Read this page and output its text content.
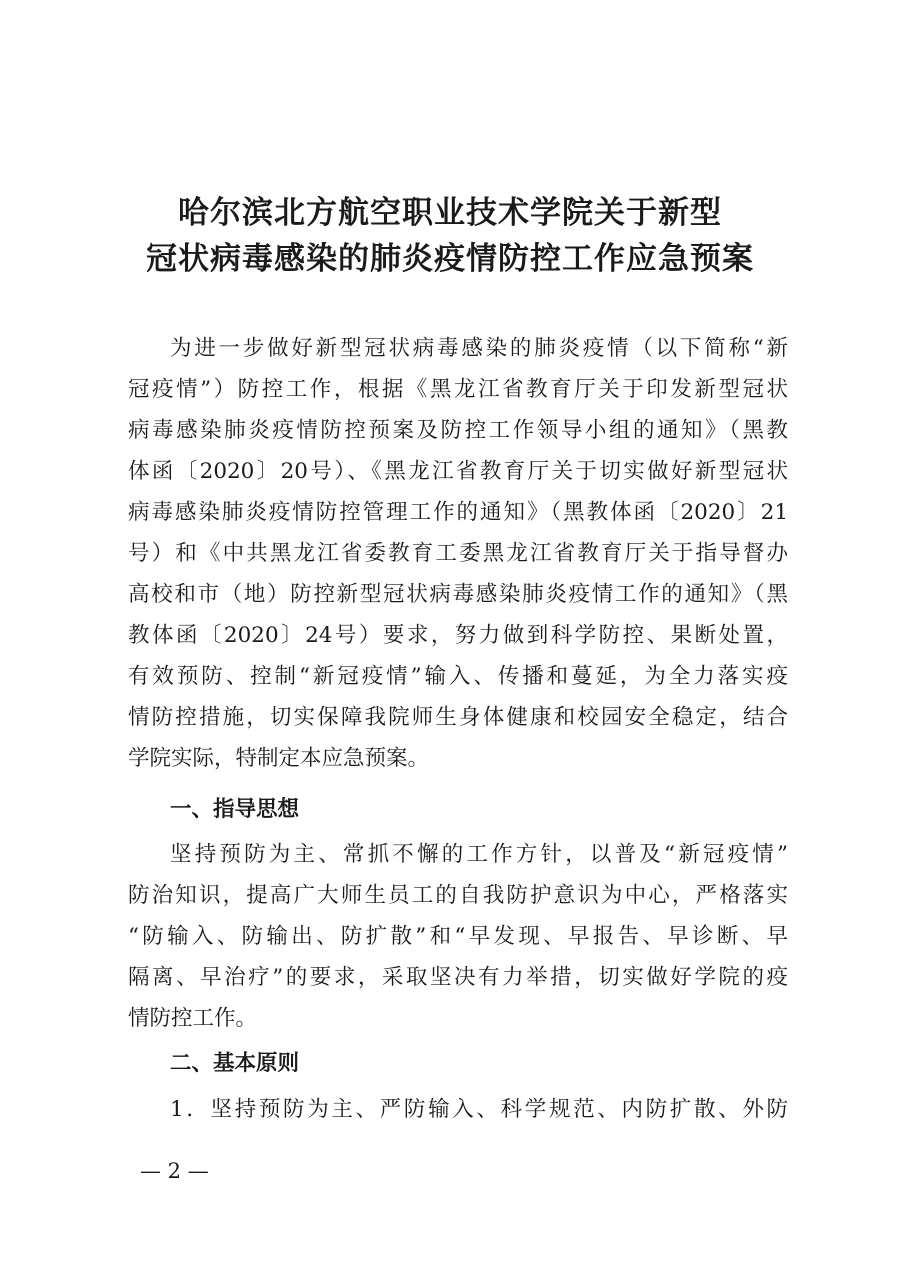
哈尔滨北方航空职业技术学院关于新型
冠状病毒感染的肺炎疫情防控工作应急预案

为进一步做好新型冠状病毒感染的肺炎疫情（以下简称“新

冠疫情”）防控工作，根据《黑龙江省教育厅关于印发新型冠状

病毒感染肺炎疫情防控预案及防控工作领导小组的通知》（黑教

体函〔2020〕20号）、《黑龙江省教育厅关于切实做好新型冠状

病毒感染肺炎疫情防控管理工作的通知》（黑教体函〔2020〕21

号）和《中共黑龙江省委教育工委黑龙江省教育厅关于指导督办

高校和市（地）防控新型冠状病毒感染肺炎疫情工作的通知》（黑

教体函〔2020〕24号）要求，努力做到科学防控、果断处置，

有效预防、控制“新冠疫情”输入、传播和蔓延，为全力落实疫

情防控措施，切实保障我院师生身体健康和校园安全稳定，结合

学院实际，特制定本应急预案。

一、指导思想

坚持预防为主、常抓不懈的工作方针，以普及“新冠疫情”

防治知识，提高广大师生员工的自我防护意识为中心，严格落实

“防输入、防输出、防扩散”和“早发现、早报告、早诊断、早

隔离、早治疗”的要求，采取坚决有力举措，切实做好学院的疫

情防控工作。

二、基本原则

1．坚持预防为主、严防输入、科学规范、内防扩散、外防

— 2 —
